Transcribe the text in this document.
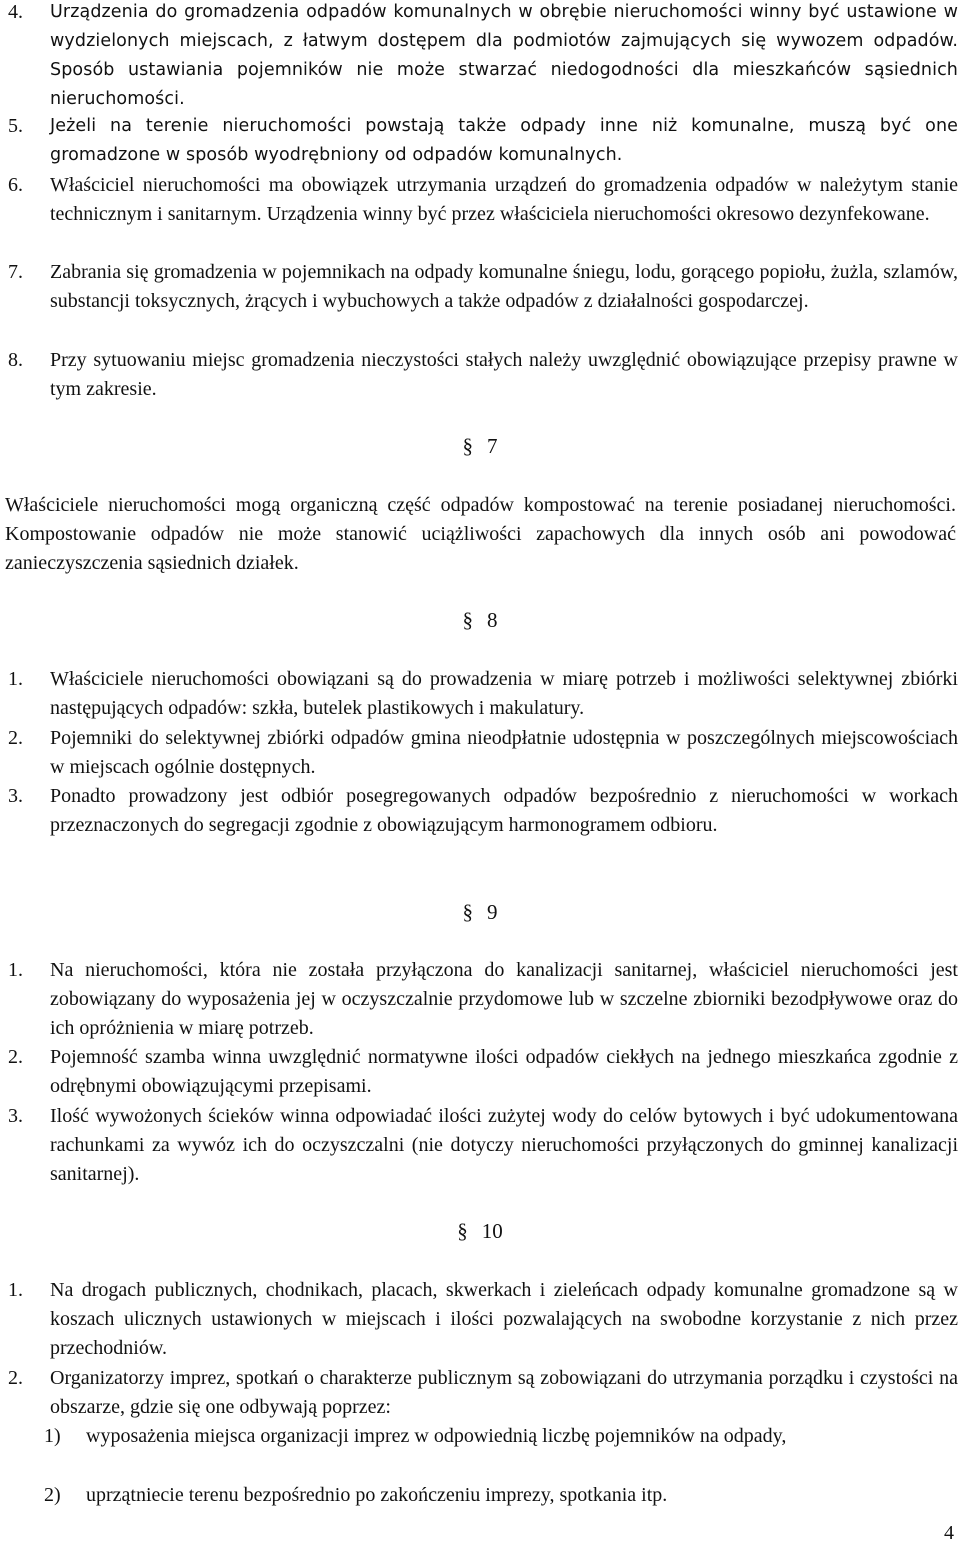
4. Urządzenia do gromadzenia odpadów komunalnych w obrębie nieruchomości winny być ustawione w wydzielonych miejscach, z łatwym dostępem dla podmiotów zajmujących się wywozem odpadów. Sposób ustawiania pojemników nie może stwarzać niedogodności dla mieszkańców sąsiednich nieruchomości.
5. Jeżeli na terenie nieruchomości powstają także odpady inne niż komunalne, muszą być one gromadzone w sposób wyodrębniony od odpadów komunalnych.
6. Właściciel nieruchomości ma obowiązek utrzymania urządzeń do gromadzenia odpadów w należytym stanie technicznym i sanitarnym. Urządzenia winny być przez właściciela nieruchomości okresowo dezynfekowane.
7. Zabrania się gromadzenia w pojemnikach na odpady komunalne śniegu, lodu, gorącego popiołu, żużla, szlamów, substancji toksycznych, żrących i wybuchowych a także odpadów z działalności gospodarczej.
8. Przy sytuowaniu miejsc gromadzenia nieczystości stałych należy uwzględnić obowiązujące przepisy prawne w tym zakresie.
§ 7

Właściciele nieruchomości mogą organiczną część odpadów kompostować na terenie posiadanej nieruchomości. Kompostowanie odpadów nie może stanowić uciążliwości zapachowych dla innych osób ani powodować zanieczyszczenia sąsiednich działek.

§ 8
1. Właściciele nieruchomości obowiązani są do prowadzenia w miarę potrzeb i możliwości selektywnej zbiórki następujących odpadów: szkła, butelek plastikowych i makulatury.
2. Pojemniki do selektywnej zbiórki odpadów gmina nieodpłatnie udostępnia w poszczególnych miejscowościach w miejscach ogólnie dostępnych.
3. Ponadto prowadzony jest odbiór posegregowanych odpadów bezpośrednio z nieruchomości w workach przeznaczonych do segregacji zgodnie z obowiązującym harmonogramem odbioru.
§ 9
1. Na nieruchomości, która nie została przyłączona do kanalizacji sanitarnej, właściciel nieruchomości jest zobowiązany do wyposażenia jej w oczyszczalnie przydomowe lub w szczelne zbiorniki bezodpływowe oraz do ich opróżnienia w miarę potrzeb.
2. Pojemność szamba winna uwzględnić normatywne ilości odpadów ciekłych na jednego mieszkańca zgodnie z odrębnymi obowiązującymi przepisami.
3. Ilość wywożonych ścieków winna odpowiadać ilości zużytej wody do celów bytowych i być udokumentowana rachunkami za wywóz ich do oczyszczalni (nie dotyczy nieruchomości przyłączonych do gminnej kanalizacji sanitarnej).
§ 10
1. Na drogach publicznych, chodnikach, placach, skwerkach i zieleńcach odpady komunalne gromadzone są w koszach ulicznych ustawionych w miejscach i ilości pozwalających na swobodne korzystanie z nich przez przechodniów.
2. Organizatorzy imprez, spotkań o charakterze publicznym są zobowiązani do utrzymania porządku i czystości na obszarze, gdzie się one odbywają poprzez:
1) wyposażenia miejsca organizacji imprez w odpowiednią liczbę pojemników na odpady,
2) uprzątniecie terenu bezpośrednio po zakończeniu imprezy, spotkania itp.
4
